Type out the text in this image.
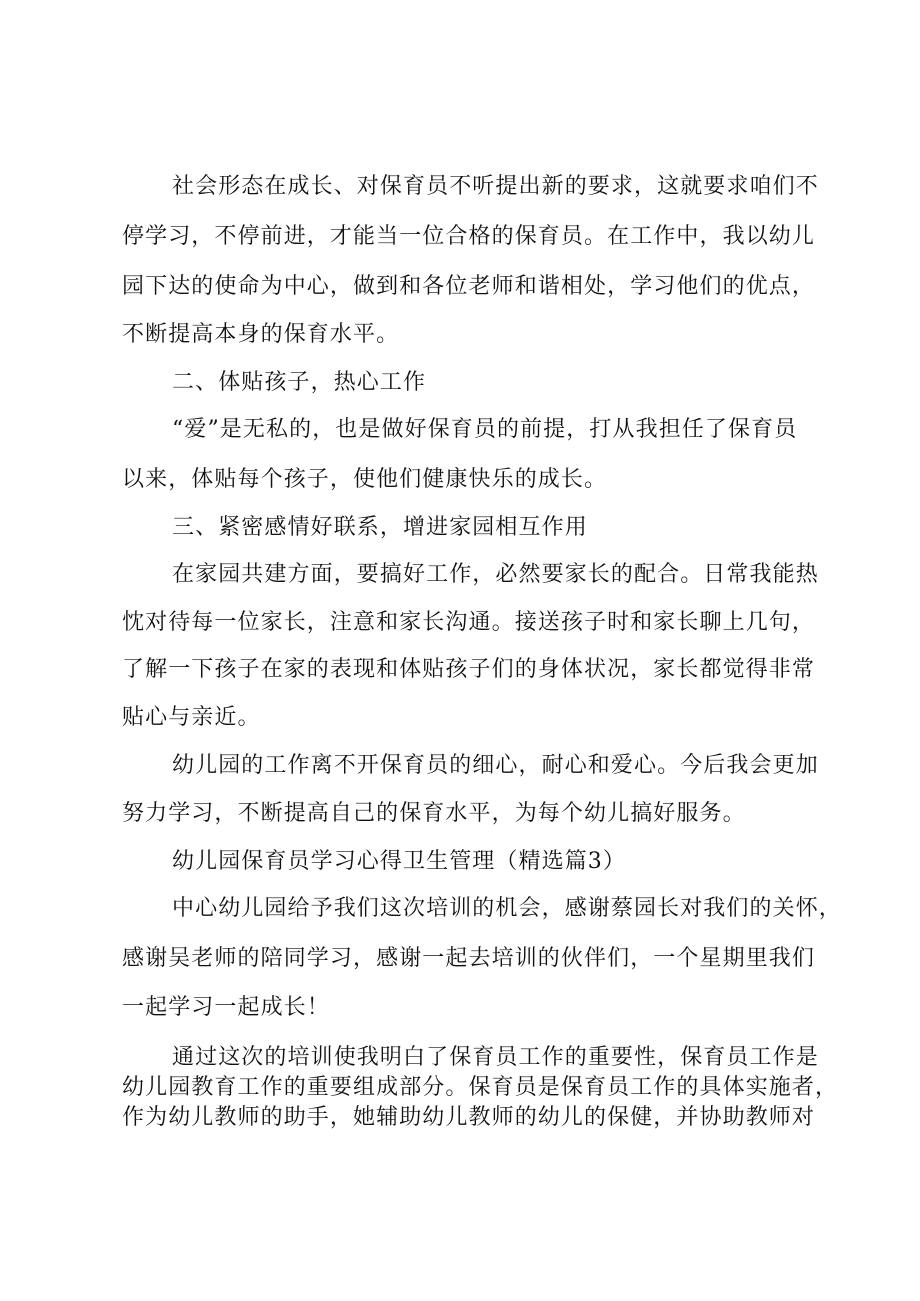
社会形态在成长、对保育员不听提出新的要求，这就要求咱们不
停学习，不停前进，才能当一位合格的保育员。在工作中，我以幼儿
园下达的使命为中心，做到和各位老师和谐相处，学习他们的优点，
不断提高本身的保育水平。
二、体贴孩子，热心工作
“爱”是无私的，也是做好保育员的前提，打从我担任了保育员
以来，体贴每个孩子，使他们健康快乐的成长。
三、紧密感情好联系，增进家园相互作用
在家园共建方面，要搞好工作，必然要家长的配合。日常我能热
忱对待每一位家长，注意和家长沟通。接送孩子时和家长聊上几句，
了解一下孩子在家的表现和体贴孩子们的身体状况，家长都觉得非常
贴心与亲近。
幼儿园的工作离不开保育员的细心，耐心和爱心。今后我会更加
努力学习，不断提高自己的保育水平，为每个幼儿搞好服务。
幼儿园保育员学习心得卫生管理（精选篇3）
中心幼儿园给予我们这次培训的机会，感谢蔡园长对我们的关怀，
感谢吴老师的陪同学习，感谢一起去培训的伙伴们，一个星期里我们
一起学习一起成长！
通过这次的培训使我明白了保育员工作的重要性，保育员工作是
幼儿园教育工作的重要组成部分。保育员是保育员工作的具体实施者，
作为幼儿教师的助手，她辅助幼儿教师的幼儿的保健，并协助教师对
